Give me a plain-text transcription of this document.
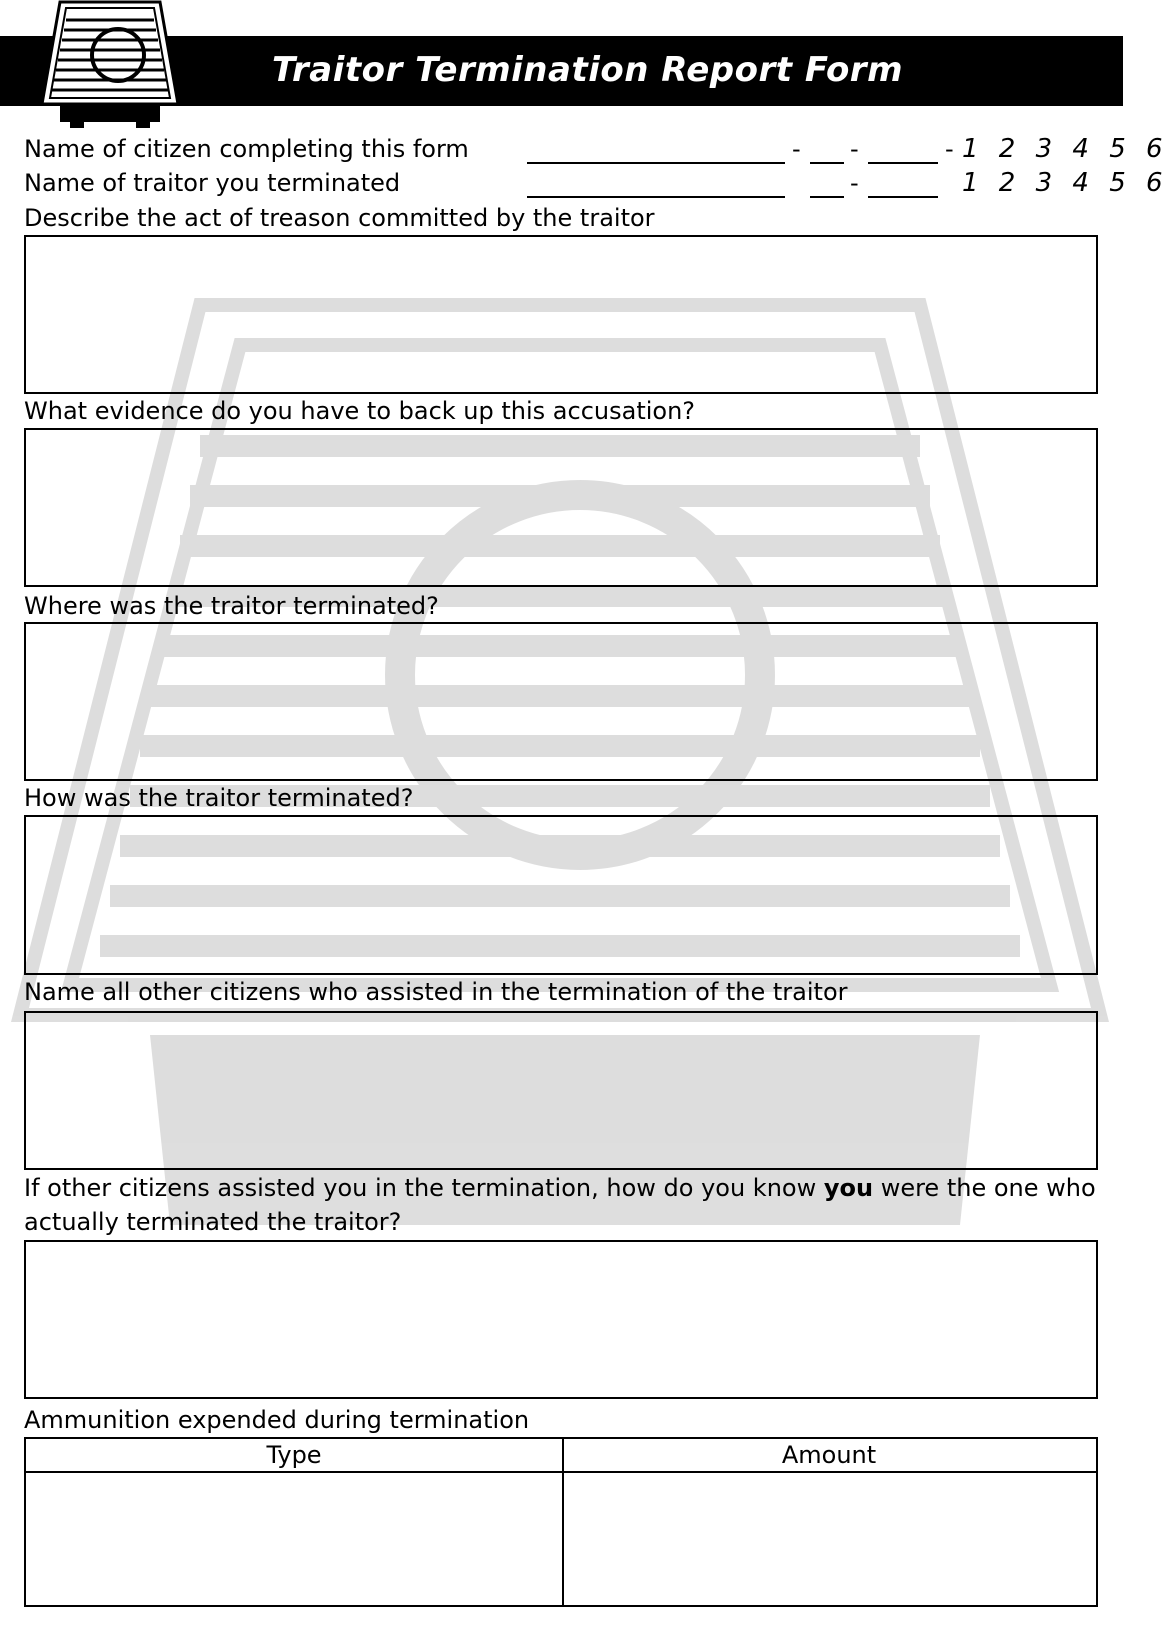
Traitor Termination Report Form
Name of citizen completing this form	- -	- 1 2 3 4 5 6
Name of traitor you terminated	-	1 2 3 4 5 6
Describe the act of treason committed by the traitor
What evidence do you have to back up this accusation?
Where was the traitor terminated?
How was the traitor terminated?
Name all other citizens who assisted in the termination of the traitor
If other citizens assisted you in the termination, how do you know you were the one who
actually terminated the traitor?
Ammunition expended during termination
Type	Amount
